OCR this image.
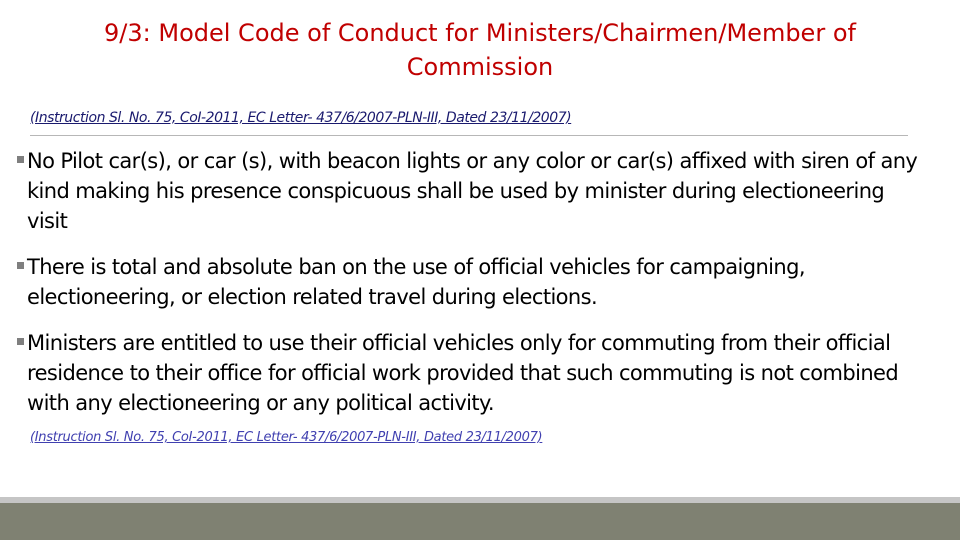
9/3: Model Code of Conduct for Ministers/Chairmen/Member of Commission
(Instruction Sl. No. 75, CoI-2011, EC Letter- 437/6/2007-PLN-III, Dated 23/11/2007)
No Pilot car(s), or car (s), with beacon lights or any color or car(s) affixed with siren of any kind making his presence conspicuous shall be used by minister during electioneering visit
There is total and absolute ban on the use of official vehicles for campaigning, electioneering, or election related travel during elections.
Ministers are entitled to use their official vehicles only for commuting from their official residence to their office for official work provided that such commuting is not combined with any electioneering or any political activity.
(Instruction Sl. No. 75, CoI-2011, EC Letter- 437/6/2007-PLN-III, Dated 23/11/2007)
